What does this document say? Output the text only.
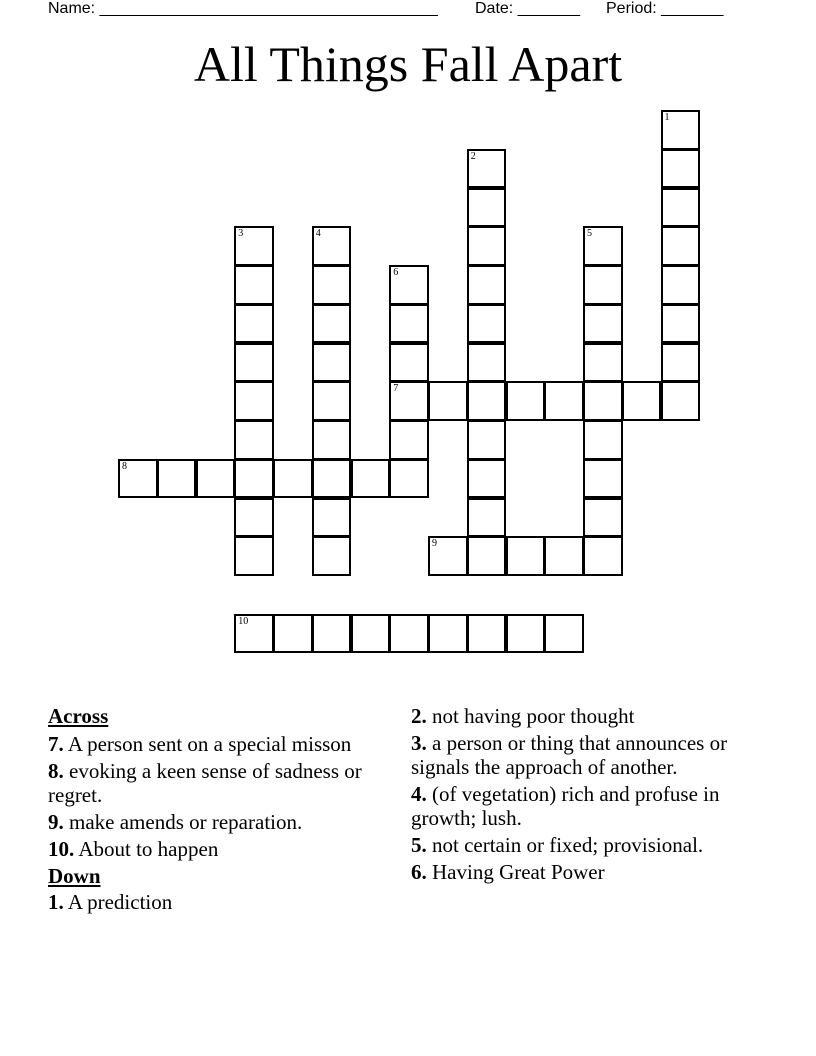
Name: ______________________________________ Date: _______ Period: _______
All Things Fall Apart
1
2
3	4	5
6
7
8
9
10
Across
7. A person sent on a special misson
8. evoking a keen sense of sadness or regret.
9. make amends or reparation.
10. About to happen
Down
1. A prediction
2. not having poor thought
3. a person or thing that announces or signals the approach of another.
4. (of vegetation) rich and profuse in growth; lush.
5. not certain or fixed; provisional.
6. Having Great Power
